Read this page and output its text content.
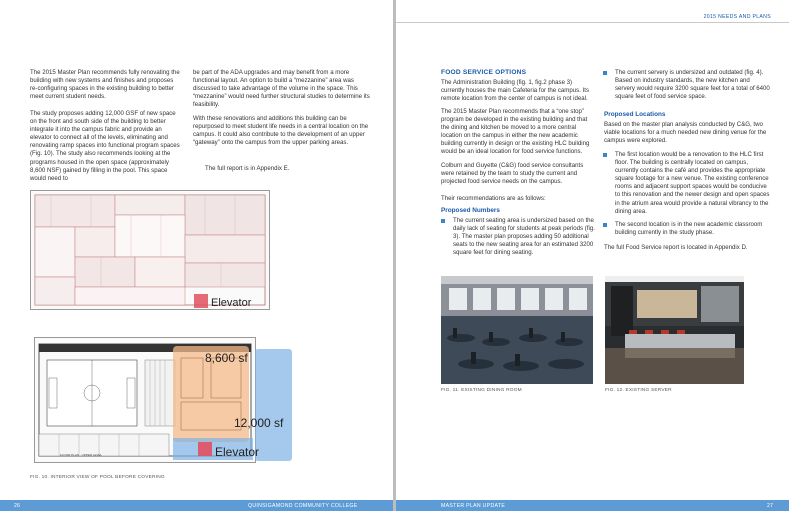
The 2015 Master Plan recommends fully renovating the building with new systems and finishes and proposes re-configuring spaces in the existing building to better meet current student needs.

The study proposes adding 12,000 GSF of new space on the front and south side of the building to better integrate it into the campus fabric and provide an elevator to connect all of the levels, eliminating and renovating ramp spaces into functional program spaces (Fig. 10). The study also recommends looking at the programs housed in the open space (approximately 8,600 NSF) gained by filling in the pool. This space would need to

be part of the ADA upgrades and may benefit from a more functional layout. An option to build a “mezzanine” area was discussed to take advantage of the volume in the space. This “mezzanine” would need further structural studies to determine its feasibility.

With these renovations and additions this building can be repurposed to meet student life needs in a central location on the campus. It could also contribute to the development of an upper “gateway” onto the campus from the upper parking areas.

The full report is in Appendix E.

Elevator

8,600 sf
12,000 sf
Elevator
FLOOR PLAN · UPPER LEVEL
FIG. 10. INTERIOR VIEW OF POOL BEFORE COVERING
26	QUINSIGAMOND COMMUNITY COLLEGE
2015 NEEDS AND PLANS
FOOD SERVICE OPTIONS

The Administration Building (fig. 1, fig.2 phase 3) currently houses the main Cafeteria for the campus. Its remote location from the center of campus is not ideal.

The 2015 Master Plan recommends that a “one stop” program be developed in the existing building and that the dining and kitchen be moved to a more central location on the campus in either the new academic building currently in design or the existing HLC building would be an ideal location for food service functions.

Colburn and Guyette (C&G) food service consultants were retained by the team to study the current and projected food service needs on the campus.

Their recommendations are as follows:

Proposed Numbers
The current seating area is undersized based on the daily lack of seating for students at peak periods (fig. 3). The master plan proposes adding 50 additional seats to the new seating area for an estimated 3200 square feet for dining seating.
The current servery is undersized and outdated (fig. 4). Based on industry standards, the new kitchen and servery would require 3200 square feet for a total of 6400 square feet of food service space.
Proposed Locations

Based on the master plan analysis conducted by C&G, two viable locations for a much needed new dining venue for the campus were explored.

The first location would be a renovation to the HLC first floor. The building is centrally located on campus, currently contains the café and provides the appropriate square footage for a new venue. The existing conference rooms and adjacent support spaces would be conducive to this renovation and the newer design and open spaces in the atrium area would provide a natural vibrancy to the dining area.
The second location is in the new academic classroom building currently in the study phase.

The full Food Service report is located in Appendix D.

FIG. 11. EXISTING DINING ROOM	FIG. 12. EXISTING SERVER
MASTER PLAN UPDATE	27
